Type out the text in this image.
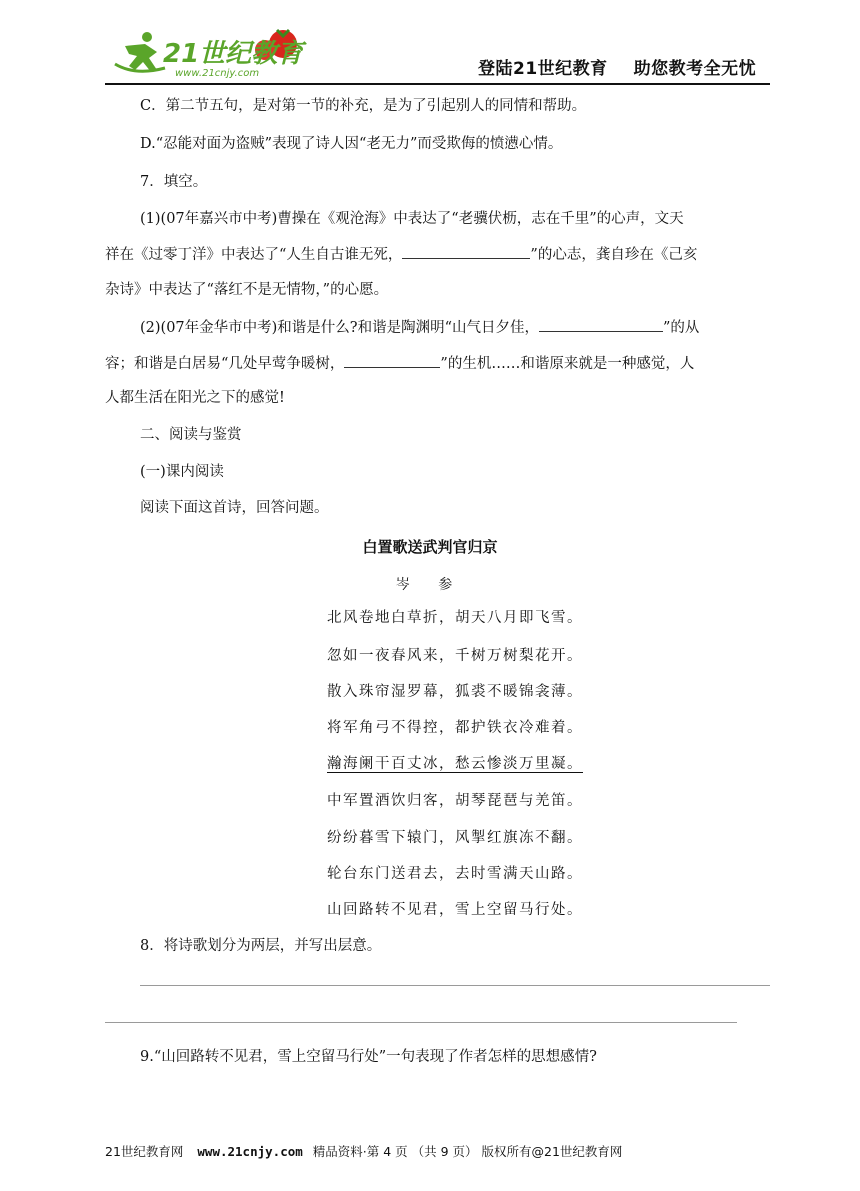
21世纪教育
www.21cnjy.com	登陆21世纪教育 助您教考全无忧
C．第二节五句，是对第一节的补充，是为了引起别人的同情和帮助。
D.“忍能对面为盗贼”表现了诗人因“老无力”而受欺侮的愤懑心情。
7．填空。
(1)(07年嘉兴市中考)曹操在《观沧海》中表达了“老骥伏枥，志在千里”的心声，文天
祥在《过零丁洋》中表达了“人生自古谁无死，	”的心志，龚自珍在《己亥
杂诗》中表达了“落红不是无情物，”的心愿。
(2)(07年金华市中考)和谐是什么?和谐是陶渊明“山气日夕佳，	”的从
容；和谐是白居易“几处早莺争暖树，	”的生机……和谐原来就是一种感觉，人
人都生活在阳光之下的感觉!
二、阅读与鉴赏
(一)课内阅读
阅读下面这首诗，回答问题。
白置歌送武判官归京
岑 参
北风卷地白草折，胡天八月即飞雪。
忽如一夜春风来，千树万树梨花开。
散入珠帘湿罗幕，狐裘不暖锦衾薄。
将军角弓不得控，都护铁衣冷难着。
瀚海阑干百丈冰，愁云惨淡万里凝。
中军置酒饮归客，胡琴琵琶与羌笛。
纷纷暮雪下辕门，风掣红旗冻不翻。
轮台东门送君去，去时雪满天山路。
山回路转不见君，雪上空留马行处。
8．将诗歌划分为两层，并写出层意。
9.“山回路转不见君，雪上空留马行处”一句表现了作者怎样的思想感情?
21世纪教育网 www.21cnjy.com 精品资料·第 4 页 （共 9 页） 版权所有@21世纪教育网
